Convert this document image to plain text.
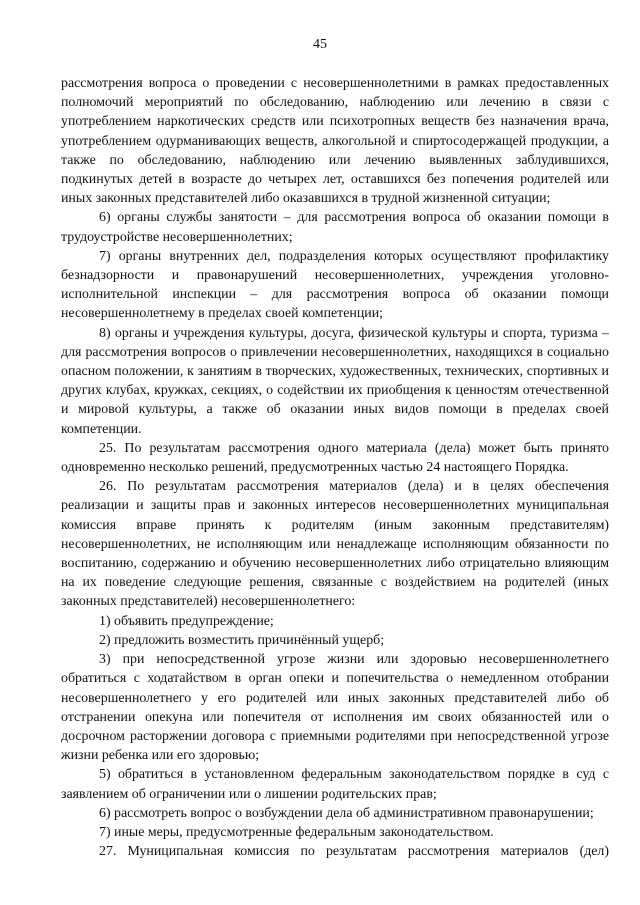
45

рассмотрения вопроса о проведении с несовершеннолетними в рамках предоставленных полномочий мероприятий по обследованию, наблюдению или лечению в связи с употреблением наркотических средств или психотропных веществ без назначения врача, употреблением одурманивающих веществ, алкогольной и спиртосодержащей продукции, а также по обследованию, наблюдению или лечению выявленных заблудившихся, подкинутых детей в возрасте до четырех лет, оставшихся без попечения родителей или иных законных представителей либо оказавшихся в трудной жизненной ситуации;

6) органы службы занятости – для рассмотрения вопроса об оказании помощи в трудоустройстве несовершеннолетних;

7) органы внутренних дел, подразделения которых осуществляют профилактику безнадзорности и правонарушений несовершеннолетних, учреждения уголовно-исполнительной инспекции – для рассмотрения вопроса об оказании помощи несовершеннолетнему в пределах своей компетенции;

8) органы и учреждения культуры, досуга, физической культуры и спорта, туризма – для рассмотрения вопросов о привлечении несовершеннолетних, находящихся в социально опасном положении, к занятиям в творческих, художественных, технических, спортивных и других клубах, кружках, секциях, о содействии их приобщения к ценностям отечественной и мировой культуры, а также об оказании иных видов помощи в пределах своей компетенции.

25. По результатам рассмотрения одного материала (дела) может быть принято одновременно несколько решений, предусмотренных частью 24 настоящего Порядка.

26. По результатам рассмотрения материалов (дела) и в целях обеспечения реализации и защиты прав и законных интересов несовершеннолетних муниципальная комиссия вправе принять к родителям (иным законным представителям) несовершеннолетних, не исполняющим или ненадлежаще исполняющим обязанности по воспитанию, содержанию и обучению несовершеннолетних либо отрицательно влияющим на их поведение следующие решения, связанные с воздействием на родителей (иных законных представителей) несовершеннолетнего:

1) объявить предупреждение;

2) предложить возместить причинённый ущерб;

3) при непосредственной угрозе жизни или здоровью несовершеннолетнего обратиться с ходатайством в орган опеки и попечительства о немедленном отобрании несовершеннолетнего у его родителей или иных законных представителей либо об отстранении опекуна или попечителя от исполнения им своих обязанностей или о досрочном расторжении договора с приемными родителями при непосредственной угрозе жизни ребенка или его здоровью;

5) обратиться в установленном федеральным законодательством порядке в суд с заявлением об ограничении или о лишении родительских прав;

6) рассмотреть вопрос о возбуждении дела об административном правонарушении;

7) иные меры, предусмотренные федеральным законодательством.

27. Муниципальная комиссия по результатам рассмотрения материалов (дел)
